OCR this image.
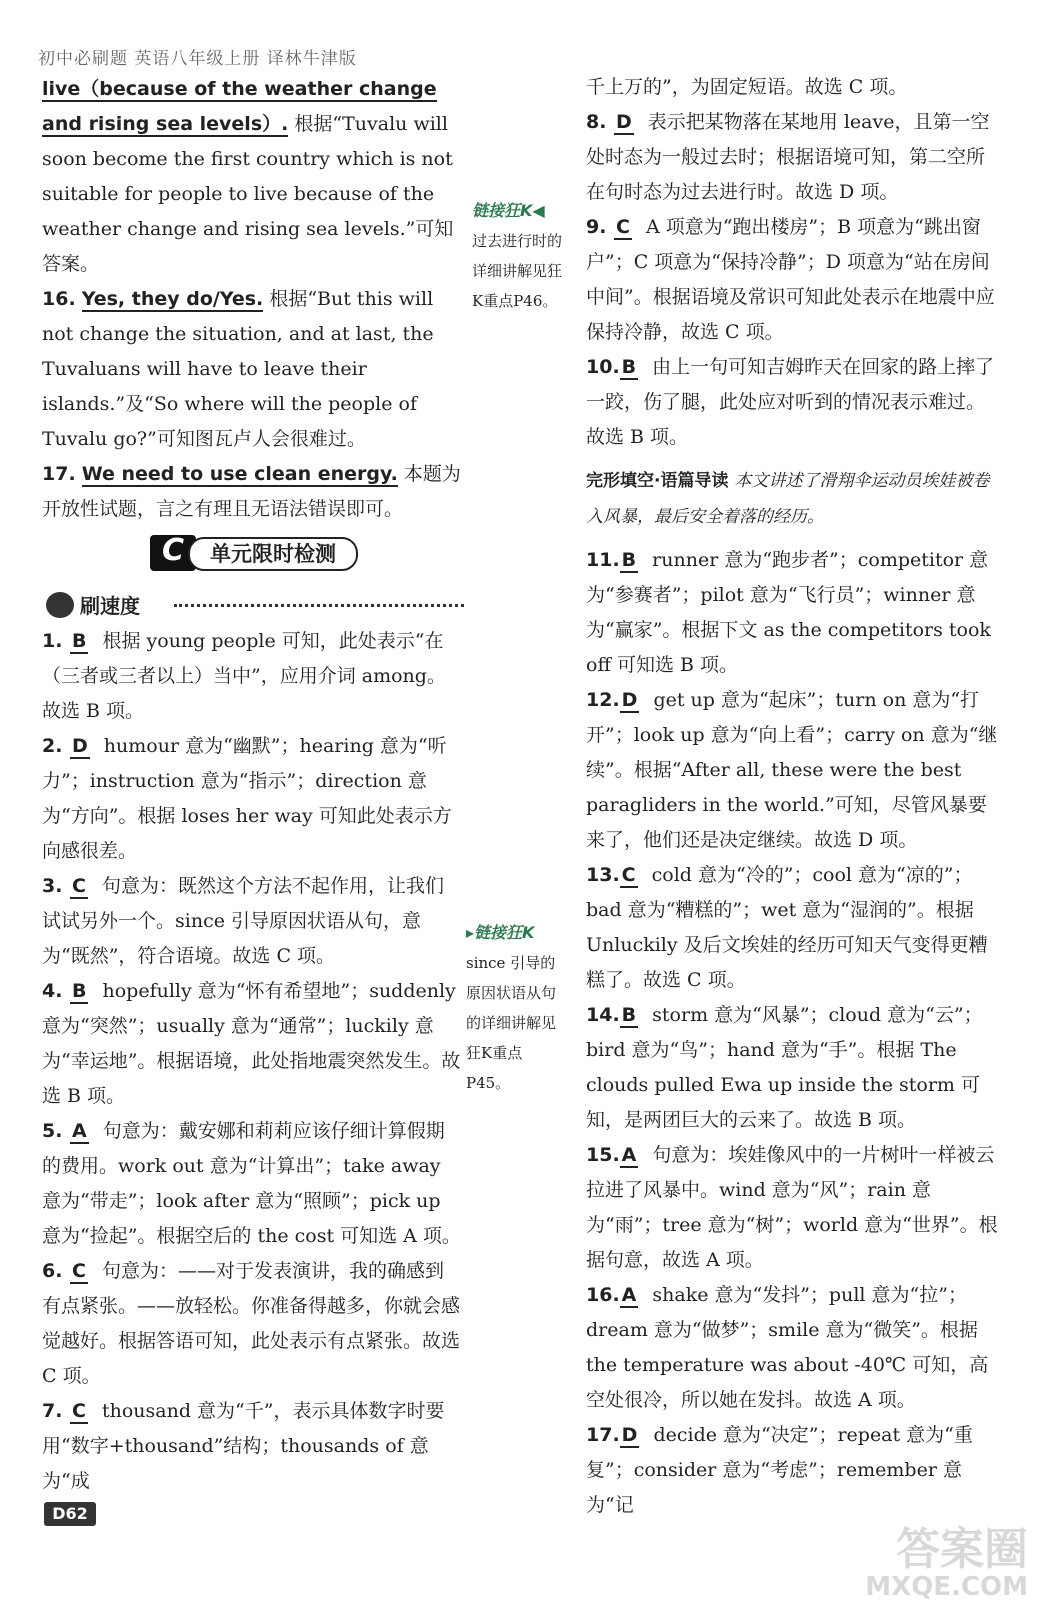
初中必刷题 英语八年级上册 译林牛津版
live（because of the weather change and rising sea levels）. 根据“Tuvalu will soon become the first country which is not suitable for people to live because of the weather change and rising sea levels.”可知答案。
16. Yes, they do/Yes. 根据“But this will not change the situation, and at last, the Tuvaluans will have to leave their islands.”及“So where will the people of Tuvalu go?”可知图瓦卢人会很难过。
17. We need to use clean energy. 本题为开放性试题，言之有理且无语法错误即可。
C	单元限时检测
刷速度
1. B 根据 young people 可知，此处表示“在（三者或三者以上）当中”，应用介词 among。故选 B 项。
2. D humour 意为“幽默”；hearing 意为“听力”；instruction 意为“指示”；direction 意为“方向”。根据 loses her way 可知此处表示方向感很差。
3. C 句意为：既然这个方法不起作用，让我们试试另外一个。since 引导原因状语从句，意为“既然”，符合语境。故选 C 项。
4. B hopefully 意为“怀有希望地”；suddenly 意为“突然”；usually 意为“通常”；luckily 意为“幸运地”。根据语境，此处指地震突然发生。故选 B 项。
5. A 句意为：戴安娜和莉莉应该仔细计算假期的费用。work out 意为“计算出”；take away 意为“带走”；look after 意为“照顾”；pick up 意为“捡起”。根据空后的 the cost 可知选 A 项。
6. C 句意为：——对于发表演讲，我的确感到有点紧张。——放轻松。你准备得越多，你就会感觉越好。根据答语可知，此处表示有点紧张。故选 C 项。
7. C thousand 意为“千”，表示具体数字时要用“数字+thousand”结构；thousands of 意为“成
链接狂K◀
过去进行时的详细讲解见狂K重点P46。
▸链接狂K
since 引导的原因状语从句的详细讲解见狂K重点P45。
千上万的”，为固定短语。故选 C 项。
8. D 表示把某物落在某地用 leave，且第一空处时态为一般过去时；根据语境可知，第二空所在句时态为过去进行时。故选 D 项。
9. C A 项意为“跑出楼房”；B 项意为“跳出窗户”；C 项意为“保持冷静”；D 项意为“站在房间中间”。根据语境及常识可知此处表示在地震中应保持冷静，故选 C 项。
10. B 由上一句可知吉姆昨天在回家的路上摔了一跤，伤了腿，此处应对听到的情况表示难过。故选 B 项。
完形填空·语篇导读 本文讲述了滑翔伞运动员埃娃被卷入风暴，最后安全着落的经历。
11. B runner 意为“跑步者”；competitor 意为“参赛者”；pilot 意为“飞行员”；winner 意为“赢家”。根据下文 as the competitors took off 可知选 B 项。
12. D get up 意为“起床”；turn on 意为“打开”；look up 意为“向上看”；carry on 意为“继续”。根据“After all, these were the best paragliders in the world.”可知，尽管风暴要来了，他们还是决定继续。故选 D 项。
13. C cold 意为“冷的”；cool 意为“凉的”；bad 意为“糟糕的”；wet 意为“湿润的”。根据 Unluckily 及后文埃娃的经历可知天气变得更糟糕了。故选 C 项。
14. B storm 意为“风暴”；cloud 意为“云”；bird 意为“鸟”；hand 意为“手”。根据 The clouds pulled Ewa up inside the storm 可知，是两团巨大的云来了。故选 B 项。
15. A 句意为：埃娃像风中的一片树叶一样被云拉进了风暴中。wind 意为“风”；rain 意为“雨”；tree 意为“树”；world 意为“世界”。根据句意，故选 A 项。
16. A shake 意为“发抖”；pull 意为“拉”；dream 意为“做梦”；smile 意为“微笑”。根据 the temperature was about -40℃ 可知，高空处很冷，所以她在发抖。故选 A 项。
17. D decide 意为“决定”；repeat 意为“重复”；consider 意为“考虑”；remember 意为“记
D62
答案圈
MXQE.COM
